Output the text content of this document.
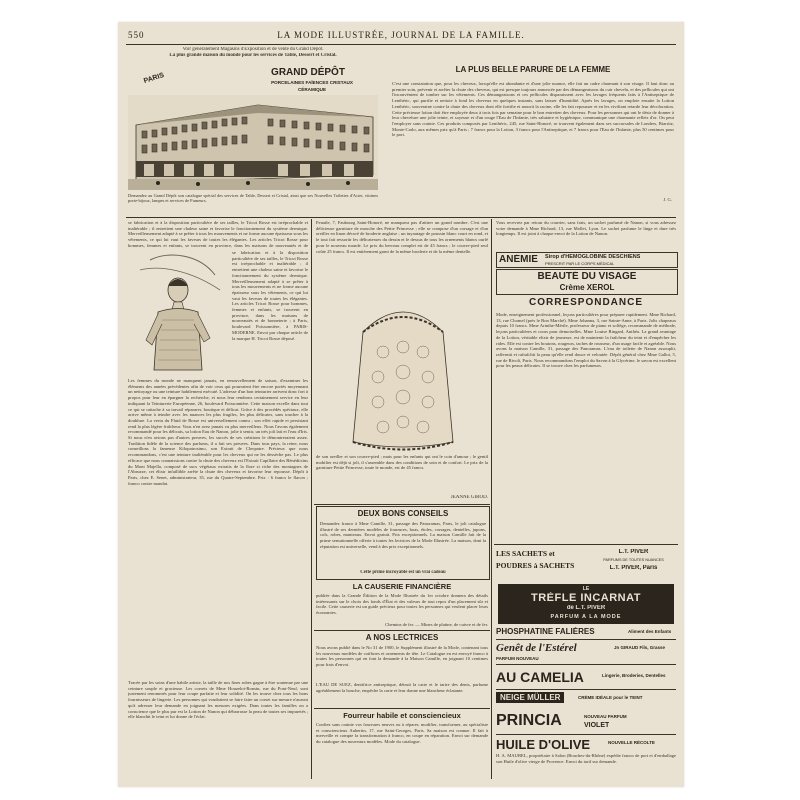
550	LA MODE ILLUSTRÉE, JOURNAL DE LA FAMILLE.
Voir généralement Magasins d'Exposition et de vente du Grand Dépôt.
La plus grande maison du monde pour les services de Table, Dessert et Cristal.
GRAND DÉPÔT
PORCELAINES FAÏENCES CRISTAUX
CÉRAMIQUE
PARIS
Demandez au Grand Dépôt son catalogue spécial des services de Table, Dessert et Cristal, ainsi que ses Nouvelles Toilettes d'Acier, vitrines porte-bijoux, lampes et services de Fumeurs.
LA PLUS BELLE PARURE DE LA FEMME
C'est une constatation que, pour les cheveux, lorsqu'elle est abondante et d'une jolie nuance, elle fait un cadre charmant à son visage. Il faut donc au premier soin, prévenir et arrêter la chute des cheveux, qui est presque toujours annoncée par des démangeaisons du cuir chevelu, et des pellicules qui ont l'inconvénient de tomber sur les vêtements. Ces démangeaisons et ces pellicules disparaissent avec les lavages fréquents faits à l'Antiseptique de Lenthéric, qui purifie et nettoie à fond les cheveux en quelques instants, sans laisser d'humidité. Après les lavages, on emploie ensuite la Lotion Lenthéric, souveraine contre la chute des cheveux dont elle fortifie et nourrit la racine, elle les fait repousser et en les vivifiant retarde leur décoloration. Cette précieuse lotion doit être employée deux à trois fois par semaine pour le bon entretien des cheveux. Pour les personnes qui ont le désir de donner à leur chevelure une jolie teinte, et soyeuse et d'un rouge l'Eau de l'Infante, très salutaire et hygiénique, communique une charmante reflets d'or. On peut l'employer sans crainte. Ces produits composés par Lenthéric, 245, rue Saint-Honoré, se trouvent également dans ses succursales de Londres, Biarritz, Monte-Carlo, aux mêmes prix qu'à Paris ; 7 francs pour la Lotion, 3 francs pour l'Antiseptique, et 7 francs pour l'Eau de l'Infante, plus 50 centimes pour le port.
J. G.
se fabrication et à la disposition particulière de ses tailles, le Tricot Rosse est irréprochable et inaltérable ; il entretient une chaleur saine et favorise le fonctionnement du système dermique. Merveilleusement adapté à se prêter à tous les mouvements et ne forme aucune épaisseur sous les vêtements, ce qui lui vaut les faveurs de toutes les élégantes. Les articles Tricot Rosse pour hommes, femmes et enfants, se trouvent en province, dans les maisons de nouveautés et de
se fabrication et à la disposition particulière de ses tailles, le Tricot Rosse est irréprochable et inaltérable ; il entretient une chaleur saine et favorise le fonctionnement du système dermique. Merveilleusement adapté à se prêter à tous les mouvements et ne forme aucune épaisseur sous les vêtements, ce qui lui vaut les faveurs de toutes les élégantes. Les articles Tricot Rosse pour hommes, femmes et enfants, se trouvent en province, dans les maisons de nouveautés et de bonneterie ; à Paris, boulevard Poissonnière, à PARIS-MODERNE. Envoi par chaque article de la marque H. Tricot Rosse déposé.
Les femmes du monde ne manquent jamais, en renouvellement de saison, d'examiner les éléments des années précédentes afin de voir ceux qui pourraient être encore portés moyennant un nettoyage ou une teinture habilement exécuté. L'adresse d'un bon teinturier arrivent donc fort à propos pour leur en épargner la recherche, et nous leur rendrons certainement service en leur indiquant la Teinturerie Européenne, 26, boulevard Poissonnière. Cette maison excelle dans tout ce qui se rattache à sa travail répararer, boutique et délicat. Grâce à des procédés spéciaux, elle arrive même à teindre avec les nuances les plus fragiles, les plus délicates, sans toucher à la doublure. La vertu du Fluid de Rosse est universellement connu ; son effet rapide et persistant rend la plus légère fraîcheur. Vous n'en avez jamais vu plus merveilleux. Nous l'avons également recommandé pour les délicats, sa lotion Eau de Nanon, jolie à sentir, un très joli lait et l'eau d'Iris. Si nous n'en avions pas d'autres preuves, les succès de ses créations le démontreraient assez. Tradition fidèle de la science des parfums, il a fait ses preuves. Dans tous pays, la reine, nous conseillons la fameuse Kilopatrosimo, son Extrait de Cleopatre. Précieux que nous recommandons, c'est une teinture inaltérable pour les cheveux qui ne les dessèche pas. Le plus efficace que nous connaissions contre la chute des cheveux est l'Extrait Capillaire des Bénédictins du Mont Majella, composé de sucs végétaux extraits de la flore si riche des montagnes de l'Abruzze, cet élixir infaillible arrête la chute des cheveux et favorise leur repousse. Dépôt à Paris, chez E. Senet, administrateur, 35, rue du Quatre-Septembre. Prix : 6 francs le flacon ; franco contre mandat.
Tracée par les soins d'une habile artiste, la taille de nos fines robes gagne à être soutenue par une ceinture souple et gracieuse. Les corsets de Mme Houzelot-Ronsin, rue du Pont-Neuf, sont justement renommés pour leur coupe parfaite et leur solidité. On les trouve chez tous les bons fournisseurs de lingerie. Les personnes qui voudraient se faire faire un corset sur mesure n'auront qu'à adresser leur demande en joignant les mesures exigées. Dans toutes les familles on a conscience que le plus pur est la Lotion de Nanon qui débarrasse la peau de toutes ses impuretés ; elle blanchit le teint et lui donne de l'éclat.
Fenaile, 7, Faubourg Saint-Honoré, ne manquera pas d'attirer un grand nombre. C'est une délicieuse garniture de mouche des Petite Princesse ; elle se compose d'un corsage et d'un oreiller en linon décoré de broderie anglaise ; un tuyautage de poussin blanc court en rond, et le tout fait ressortir les délicatesses du dessin et le dessus de tous les ornements blancs ourlé pour le nouveau monde. Le prix du berceau complet est de 45 francs ; le couvre-pied seul coûte 25 francs. Il est entièrement garni de la même broderie et de la même dentelle.
de son oreiller et son couvre-pied ; mais pour les enfants qui ont le coin d'amour ; le gentil mobilier est déjà si joli, il s'assemble dans des conditions de soin et de confort. Le prix de la garniture Petite Princesse, toute le monde, est de 45 francs.
JEANNE GIROD.
DEUX BONS CONSEILS
Demandez franco à Mme Camille, 31, passage des Panoramas, Paris, le joli catalogue illustré de ses dernières modèles de fourrures, boas, étoles, corsages, dentelles, jupons, cols, robes, manteaux. Envoi gratuit. Prix exceptionnels. La maison Camille fait de la prime sensationnelle offerte à toutes les lectrices de la Mode Illustrée. La maison, dont la réputation est universelle, vend à des prix exceptionnels.
Cette prime incroyable est un vrai cadeau
LA CAUSERIE FINANCIÈRE
publiée dans la Grande Édition de la Mode Illustrée du 1er octobre donnera des détails intéressants sur le choix des fonds d'État et des valeurs de tout repos d'un placement sûr et facile. Cette causerie est un guide précieux pour toutes les personnes qui veulent placer leurs économies.
Chemins de fer. — Mines de platine, de cuivre et de fer.
A NOS LECTRICES
Nous avons publié dans le No 31 de 1900, le Supplément illustré de la Mode, contenant tous les nouveaux modèles de coiffures et ornements de tête. Le Catalogue en est envoyé franco à toutes les personnes qui en font la demande à la Maison Camille, en joignant 10 centimes pour frais d'envoi.
L'EAU DE SUEZ, dentifrice antiseptique, détruit la carie et le tartre des dents, parfume agréablement la bouche, empêche la carie et leur donne une blancheur éclatante.
Fourreur habile et consciencieux
Confiez sans crainte vos fourrures neuves ou à réparer, modifier, transformer, au spécialiste et consciencieux Aubertin, 17, rue Saint-Georges, Paris. Sa maison est connue. Il fait à merveille et compte la transformation à franco, en coupe en réparation. Envoi sur demande du catalogue des nouveaux modèles. Mode du catalogue.
Vous recevrez par retour du courrier, sans frais, un sachet parfumé de Nanon, si vous adressez votre demande à Mme Richard, 13, rue Mollet, Lyon. Le sachet parfume le linge et dure très longtemps. Il est joint à chaque envoi de la Lotion de Nanon.
ANÉMIE Sirop d'HÉMOGLOBINE DESCHIENS
PRESCRIT PAR LE CORPS MÉDICAL
BEAUTÉ DU VISAGE
Crème XEROL
CORRESPONDANCE
Mode, enseignement professionnel, leçons particulières pour préparer rapidement. Mme Richard, 13, rue Chomel (près le Bon Marché). Mme Johanna, 3, rue Sainte-Anne, à Paris. Jolis chapeaux depuis 10 francs. Mme Arinthe-Mérile, professeur de piano et solfège, recommande de méthode, leçons particulières et cours pour demoiselles. Mme Louise Ringard, Anthéa. La grand avantage de la Lotion, véritable elixir de jeunesse, est de maintenir la fraîcheur du teint et d'empêcher les rides. Elle est contre les boutons, rougeurs, taches de rousseur, d'un usage facile et agréable. Nous avons la maison Camille, 31, passage des Panoramas. L'eau de toilette de Nanon assouplit, raffermit et rafraîchit la peau qu'elle rend douce et veloutée. Dépôt général chez Mme Gallot, 5, rue de Rivoli, Paris. Nous recommandons l'emploi du Savon à la Glycérine, le savon est excellent pour les peaux délicates. Il se trouve chez les parfumeurs.
LES SACHETS et
POUDRES à SACHETS
L.T. PIVER
PARFUMS DE TOUTES NUANCES
L.T. PIVER, Paris
LE
TRÈFLE INCARNAT
de L.T. PIVER
PARFUM A LA MODE
PHOSPHATINE FALIÈRES	Aliment des Enfants
Genêt de l'Estérel
PARFUM NOUVEAU
Jn GIRAUD Fils, Grasse
AU CAMELIA	Lingerie, Broderies, Dentelles
NEIGE MÜLLER	CRÈME IDÉALE pour le TEINT
PRINCIA	NOUVEAU PARFUM
VIOLET
HUILE D'OLIVE	NOUVELLE RÉCOLTE
H. A. MAUREL, propriétaire à Salon (Bouches-du-Rhône) expédie franco de port et d'emballage son Huile d'olive vierge de Provence. Envoi du tarif sur demande.
